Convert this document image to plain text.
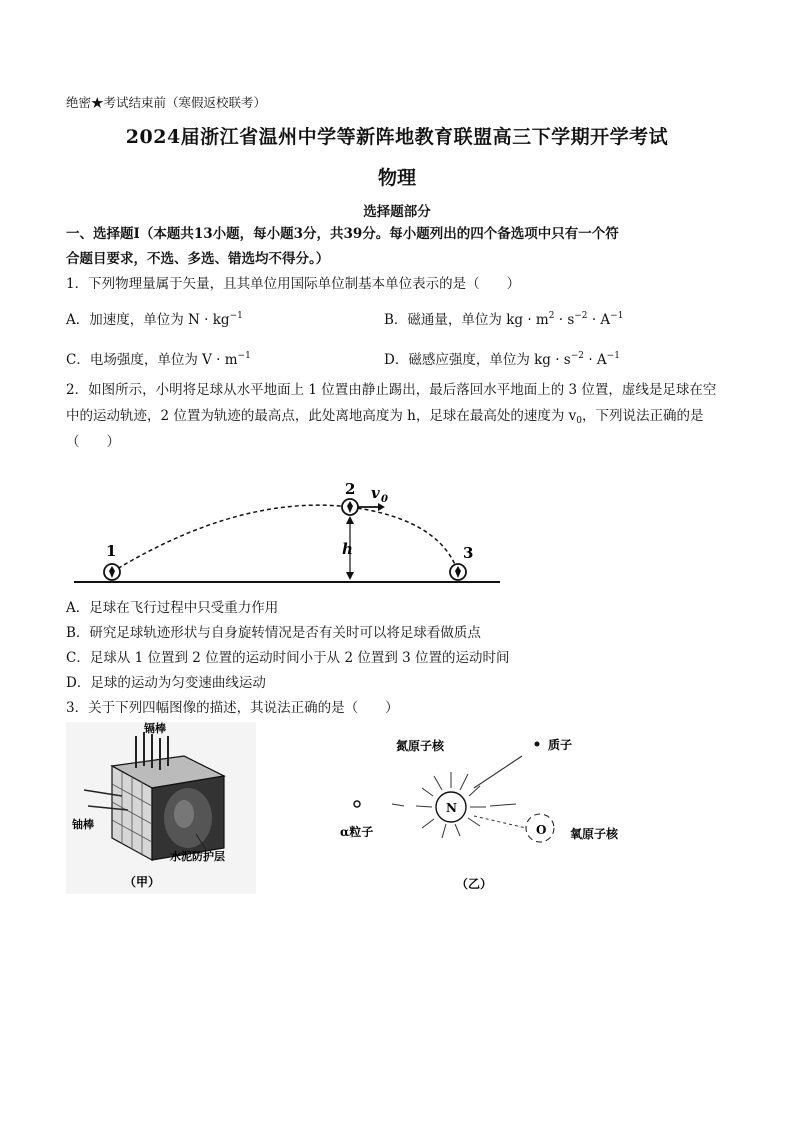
绝密★考试结束前（寒假返校联考）
2024届浙江省温州中学等新阵地教育联盟高三下学期开学考试
物理
选择题部分
一、选择题Ⅰ（本题共13小题，每小题3分，共39分。每小题列出的四个备选项中只有一个符
合题目要求，不选、多选、错选均不得分。）
1．下列物理量属于矢量，且其单位用国际单位制基本单位表示的是（　　）
A．加速度，单位为 $N \cdot kg^{-1}$	B．磁通量，单位为 kg · $m^2 \cdot s^{-2} \cdot A^{-1}$
C．电场强度，单位为 $V \cdot m^{-1}$	D．磁感应强度，单位为 kg · $s^{-2} \cdot A^{-1}$
2．如图所示，小明将足球从水平地面上 1 位置由静止踢出，最后落回水平地面上的 3 位置，虚线是足球在空
中的运动轨迹，2 位置为轨迹的最高点，此处离地高度为 h，足球在最高处的速度为 $v_0$，下列说法正确的是
（　　）
1
2
3
h
v 0
A．足球在飞行过程中只受重力作用
B．研究足球轨迹形状与自身旋转情况是否有关时可以将足球看做质点
C．足球从 1 位置到 2 位置的运动时间小于从 2 位置到 3 位置的运动时间
D．足球的运动为匀变速曲线运动
3．关于下列四幅图像的描述，其说法正确的是（　　）
镉棒
铀棒
水泥防护层
（甲）
氮原子核	质子
α粒子
N
O 氧原子核
（乙）
